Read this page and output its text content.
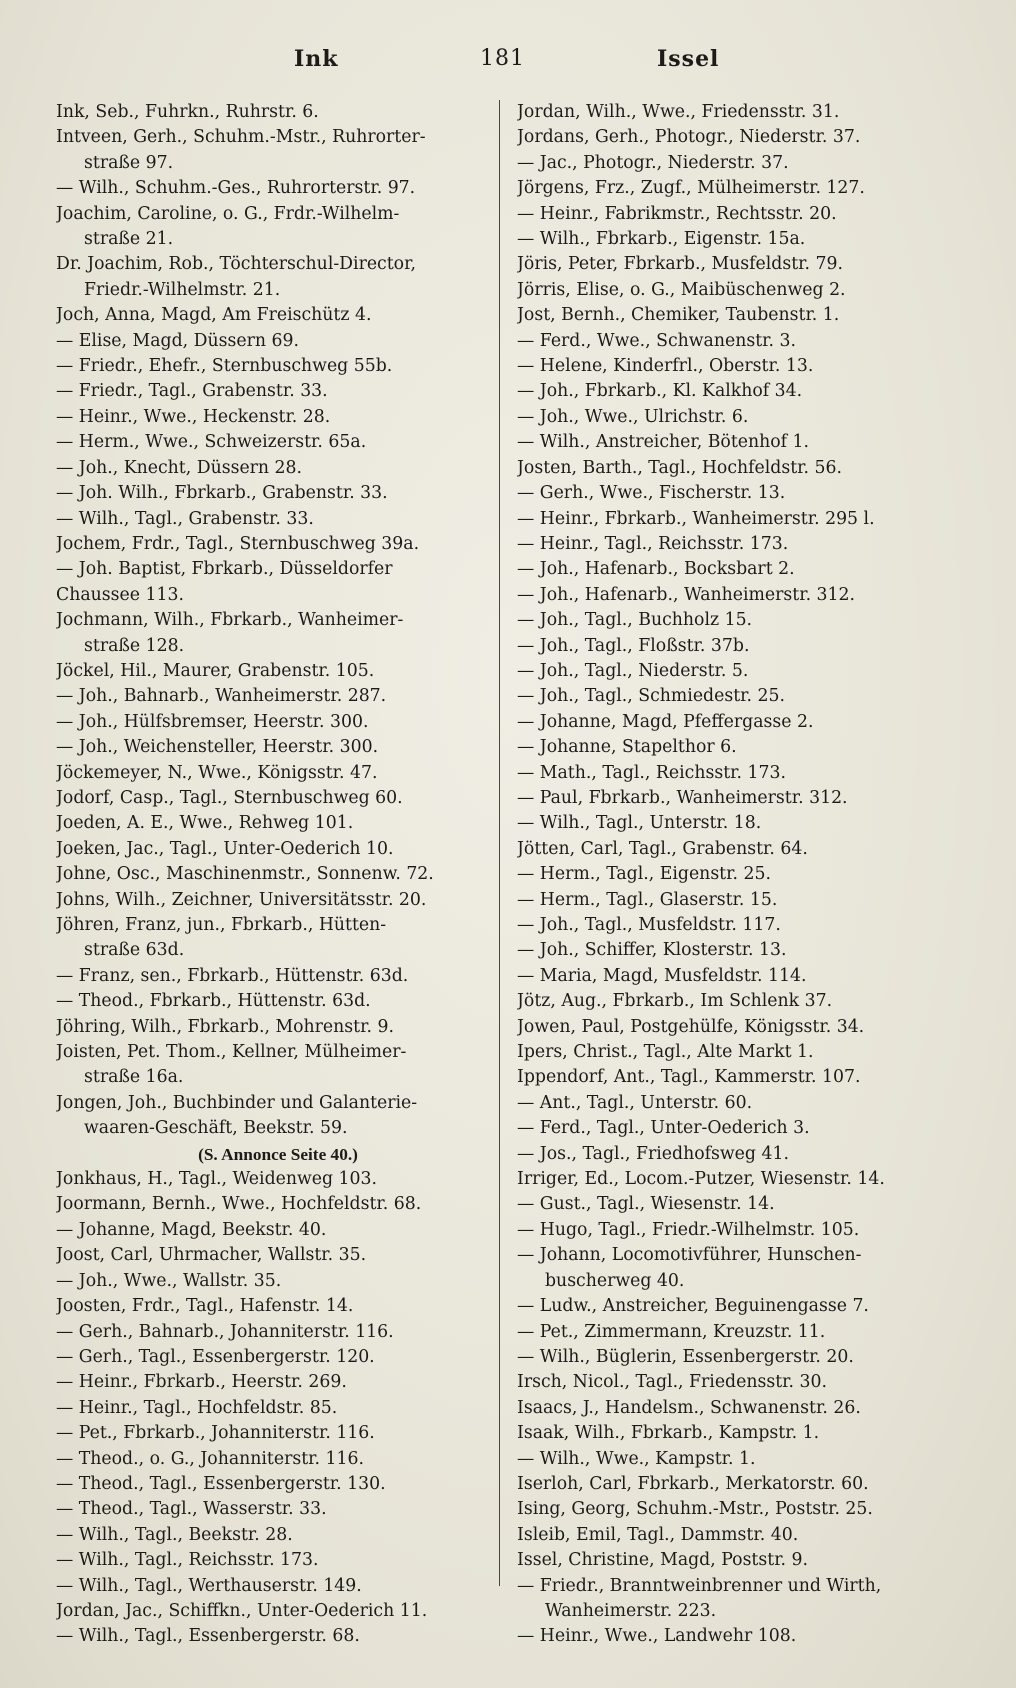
Ink	181	Issel
Ink, Seb., Fuhrkn., Ruhrstr. 6.
Intveen, Gerh., Schuhm.-Mstr., Ruhrorter-
straße 97.
— Wilh., Schuhm.-Ges., Ruhrorterstr. 97.
Joachim, Caroline, o. G., Frdr.-Wilhelm-
straße 21.
Dr. Joachim, Rob., Töchterschul-Director,
Friedr.-Wilhelmstr. 21.
Joch, Anna, Magd, Am Freischütz 4.
— Elise, Magd, Düssern 69.
— Friedr., Ehefr., Sternbuschweg 55b.
— Friedr., Tagl., Grabenstr. 33.
— Heinr., Wwe., Heckenstr. 28.
— Herm., Wwe., Schweizerstr. 65a.
— Joh., Knecht, Düssern 28.
— Joh. Wilh., Fbrkarb., Grabenstr. 33.
— Wilh., Tagl., Grabenstr. 33.
Jochem, Frdr., Tagl., Sternbuschweg 39a.
— Joh. Baptist, Fbrkarb., Düsseldorfer
Chaussee 113.
Jochmann, Wilh., Fbrkarb., Wanheimer-
straße 128.
Jöckel, Hil., Maurer, Grabenstr. 105.
— Joh., Bahnarb., Wanheimerstr. 287.
— Joh., Hülfsbremser, Heerstr. 300.
— Joh., Weichensteller, Heerstr. 300.
Jöckemeyer, N., Wwe., Königsstr. 47.
Jodorf, Casp., Tagl., Sternbuschweg 60.
Joeden, A. E., Wwe., Rehweg 101.
Joeken, Jac., Tagl., Unter-Oederich 10.
Johne, Osc., Maschinenmstr., Sonnenw. 72.
Johns, Wilh., Zeichner, Universitätsstr. 20.
Jöhren, Franz, jun., Fbrkarb., Hütten-
straße 63d.
— Franz, sen., Fbrkarb., Hüttenstr. 63d.
— Theod., Fbrkarb., Hüttenstr. 63d.
Jöhring, Wilh., Fbrkarb., Mohrenstr. 9.
Joisten, Pet. Thom., Kellner, Mülheimer-
straße 16a.
Jongen, Joh., Buchbinder und Galanterie-
waaren-Geschäft, Beekstr. 59.
(S. Annonce Seite 40.)
Jonkhaus, H., Tagl., Weidenweg 103.
Joormann, Bernh., Wwe., Hochfeldstr. 68.
— Johanne, Magd, Beekstr. 40.
Joost, Carl, Uhrmacher, Wallstr. 35.
— Joh., Wwe., Wallstr. 35.
Joosten, Frdr., Tagl., Hafenstr. 14.
— Gerh., Bahnarb., Johanniterstr. 116.
— Gerh., Tagl., Essenbergerstr. 120.
— Heinr., Fbrkarb., Heerstr. 269.
— Heinr., Tagl., Hochfeldstr. 85.
— Pet., Fbrkarb., Johanniterstr. 116.
— Theod., o. G., Johanniterstr. 116.
— Theod., Tagl., Essenbergerstr. 130.
— Theod., Tagl., Wasserstr. 33.
— Wilh., Tagl., Beekstr. 28.
— Wilh., Tagl., Reichsstr. 173.
— Wilh., Tagl., Werthauserstr. 149.
Jordan, Jac., Schiffkn., Unter-Oederich 11.
— Wilh., Tagl., Essenbergerstr. 68.
Jordan, Wilh., Wwe., Friedensstr. 31.
Jordans, Gerh., Photogr., Niederstr. 37.
— Jac., Photogr., Niederstr. 37.
Jörgens, Frz., Zugf., Mülheimerstr. 127.
— Heinr., Fabrikmstr., Rechtsstr. 20.
— Wilh., Fbrkarb., Eigenstr. 15a.
Jöris, Peter, Fbrkarb., Musfeldstr. 79.
Jörris, Elise, o. G., Maibüschenweg 2.
Jost, Bernh., Chemiker, Taubenstr. 1.
— Ferd., Wwe., Schwanenstr. 3.
— Helene, Kinderfrl., Oberstr. 13.
— Joh., Fbrkarb., Kl. Kalkhof 34.
— Joh., Wwe., Ulrichstr. 6.
— Wilh., Anstreicher, Bötenhof 1.
Josten, Barth., Tagl., Hochfeldstr. 56.
— Gerh., Wwe., Fischerstr. 13.
— Heinr., Fbrkarb., Wanheimerstr. 295 l.
— Heinr., Tagl., Reichsstr. 173.
— Joh., Hafenarb., Bocksbart 2.
— Joh., Hafenarb., Wanheimerstr. 312.
— Joh., Tagl., Buchholz 15.
— Joh., Tagl., Floßstr. 37b.
— Joh., Tagl., Niederstr. 5.
— Joh., Tagl., Schmiedestr. 25.
— Johanne, Magd, Pfeffergasse 2.
— Johanne, Stapelthor 6.
— Math., Tagl., Reichsstr. 173.
— Paul, Fbrkarb., Wanheimerstr. 312.
— Wilh., Tagl., Unterstr. 18.
Jötten, Carl, Tagl., Grabenstr. 64.
— Herm., Tagl., Eigenstr. 25.
— Herm., Tagl., Glaserstr. 15.
— Joh., Tagl., Musfeldstr. 117.
— Joh., Schiffer, Klosterstr. 13.
— Maria, Magd, Musfeldstr. 114.
Jötz, Aug., Fbrkarb., Im Schlenk 37.
Jowen, Paul, Postgehülfe, Königsstr. 34.
Ipers, Christ., Tagl., Alte Markt 1.
Ippendorf, Ant., Tagl., Kammerstr. 107.
— Ant., Tagl., Unterstr. 60.
— Ferd., Tagl., Unter-Oederich 3.
— Jos., Tagl., Friedhofsweg 41.
Irriger, Ed., Locom.-Putzer, Wiesenstr. 14.
— Gust., Tagl., Wiesenstr. 14.
— Hugo, Tagl., Friedr.-Wilhelmstr. 105.
— Johann, Locomotivführer, Hunschen-
buscherweg 40.
— Ludw., Anstreicher, Beguinengasse 7.
— Pet., Zimmermann, Kreuzstr. 11.
— Wilh., Büglerin, Essenbergerstr. 20.
Irsch, Nicol., Tagl., Friedensstr. 30.
Isaacs, J., Handelsm., Schwanenstr. 26.
Isaak, Wilh., Fbrkarb., Kampstr. 1.
— Wilh., Wwe., Kampstr. 1.
Iserloh, Carl, Fbrkarb., Merkatorstr. 60.
Ising, Georg, Schuhm.-Mstr., Poststr. 25.
Isleib, Emil, Tagl., Dammstr. 40.
Issel, Christine, Magd, Poststr. 9.
— Friedr., Branntweinbrenner und Wirth,
Wanheimerstr. 223.
— Heinr., Wwe., Landwehr 108.
